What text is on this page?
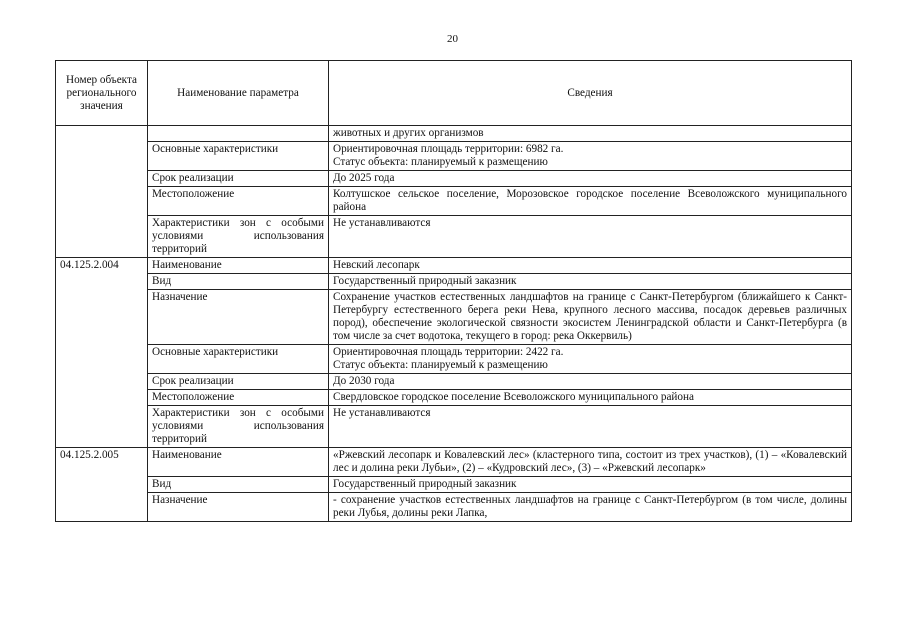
20
Номер объекта регионального значения	Наименование параметра	Сведения
		животных и других организмов
	Основные характеристики	Ориентировочная площадь территории: 6982 га.
Статус объекта: планируемый к размещению

	Срок реализации	До 2025 года
	Местоположение	Колтушское сельское поселение, Морозовское городское поселение Всеволожского муниципального района
	Характеристики зон с особыми условиями использования территорий	Не устанавливаются
04.125.2.004	Наименование	Невский лесопарк
	Вид	Государственный природный заказник
	Назначение	Сохранение участков естественных ландшафтов на границе с Санкт-Петербургом (ближайшего к Санкт-Петербургу естественного берега реки Нева, крупного лесного массива, посадок деревьев различных пород), обеспечение экологической связности экосистем Ленинградской области и Санкт-Петербурга (в том числе за счет водотока, текущего в город: река Оккервиль)
	Основные характеристики	Ориентировочная площадь территории: 2422 га.
Статус объекта: планируемый к размещению

	Срок реализации	До 2030 года
	Местоположение	Свердловское городское поселение Всеволожского муниципального района
	Характеристики зон с особыми условиями использования территорий	Не устанавливаются
04.125.2.005	Наименование	«Ржевский лесопарк и Ковалевский лес» (кластерного типа, состоит из трех участков), (1) – «Ковалевский лес и долина реки Лубьи», (2) – «Кудровский лес», (3) – «Ржевский лесопарк»
	Вид	Государственный природный заказник
	Назначение	- сохранение участков естественных ландшафтов на границе с Санкт-Петербургом (в том числе, долины реки Лубья, долины реки Лапка,
